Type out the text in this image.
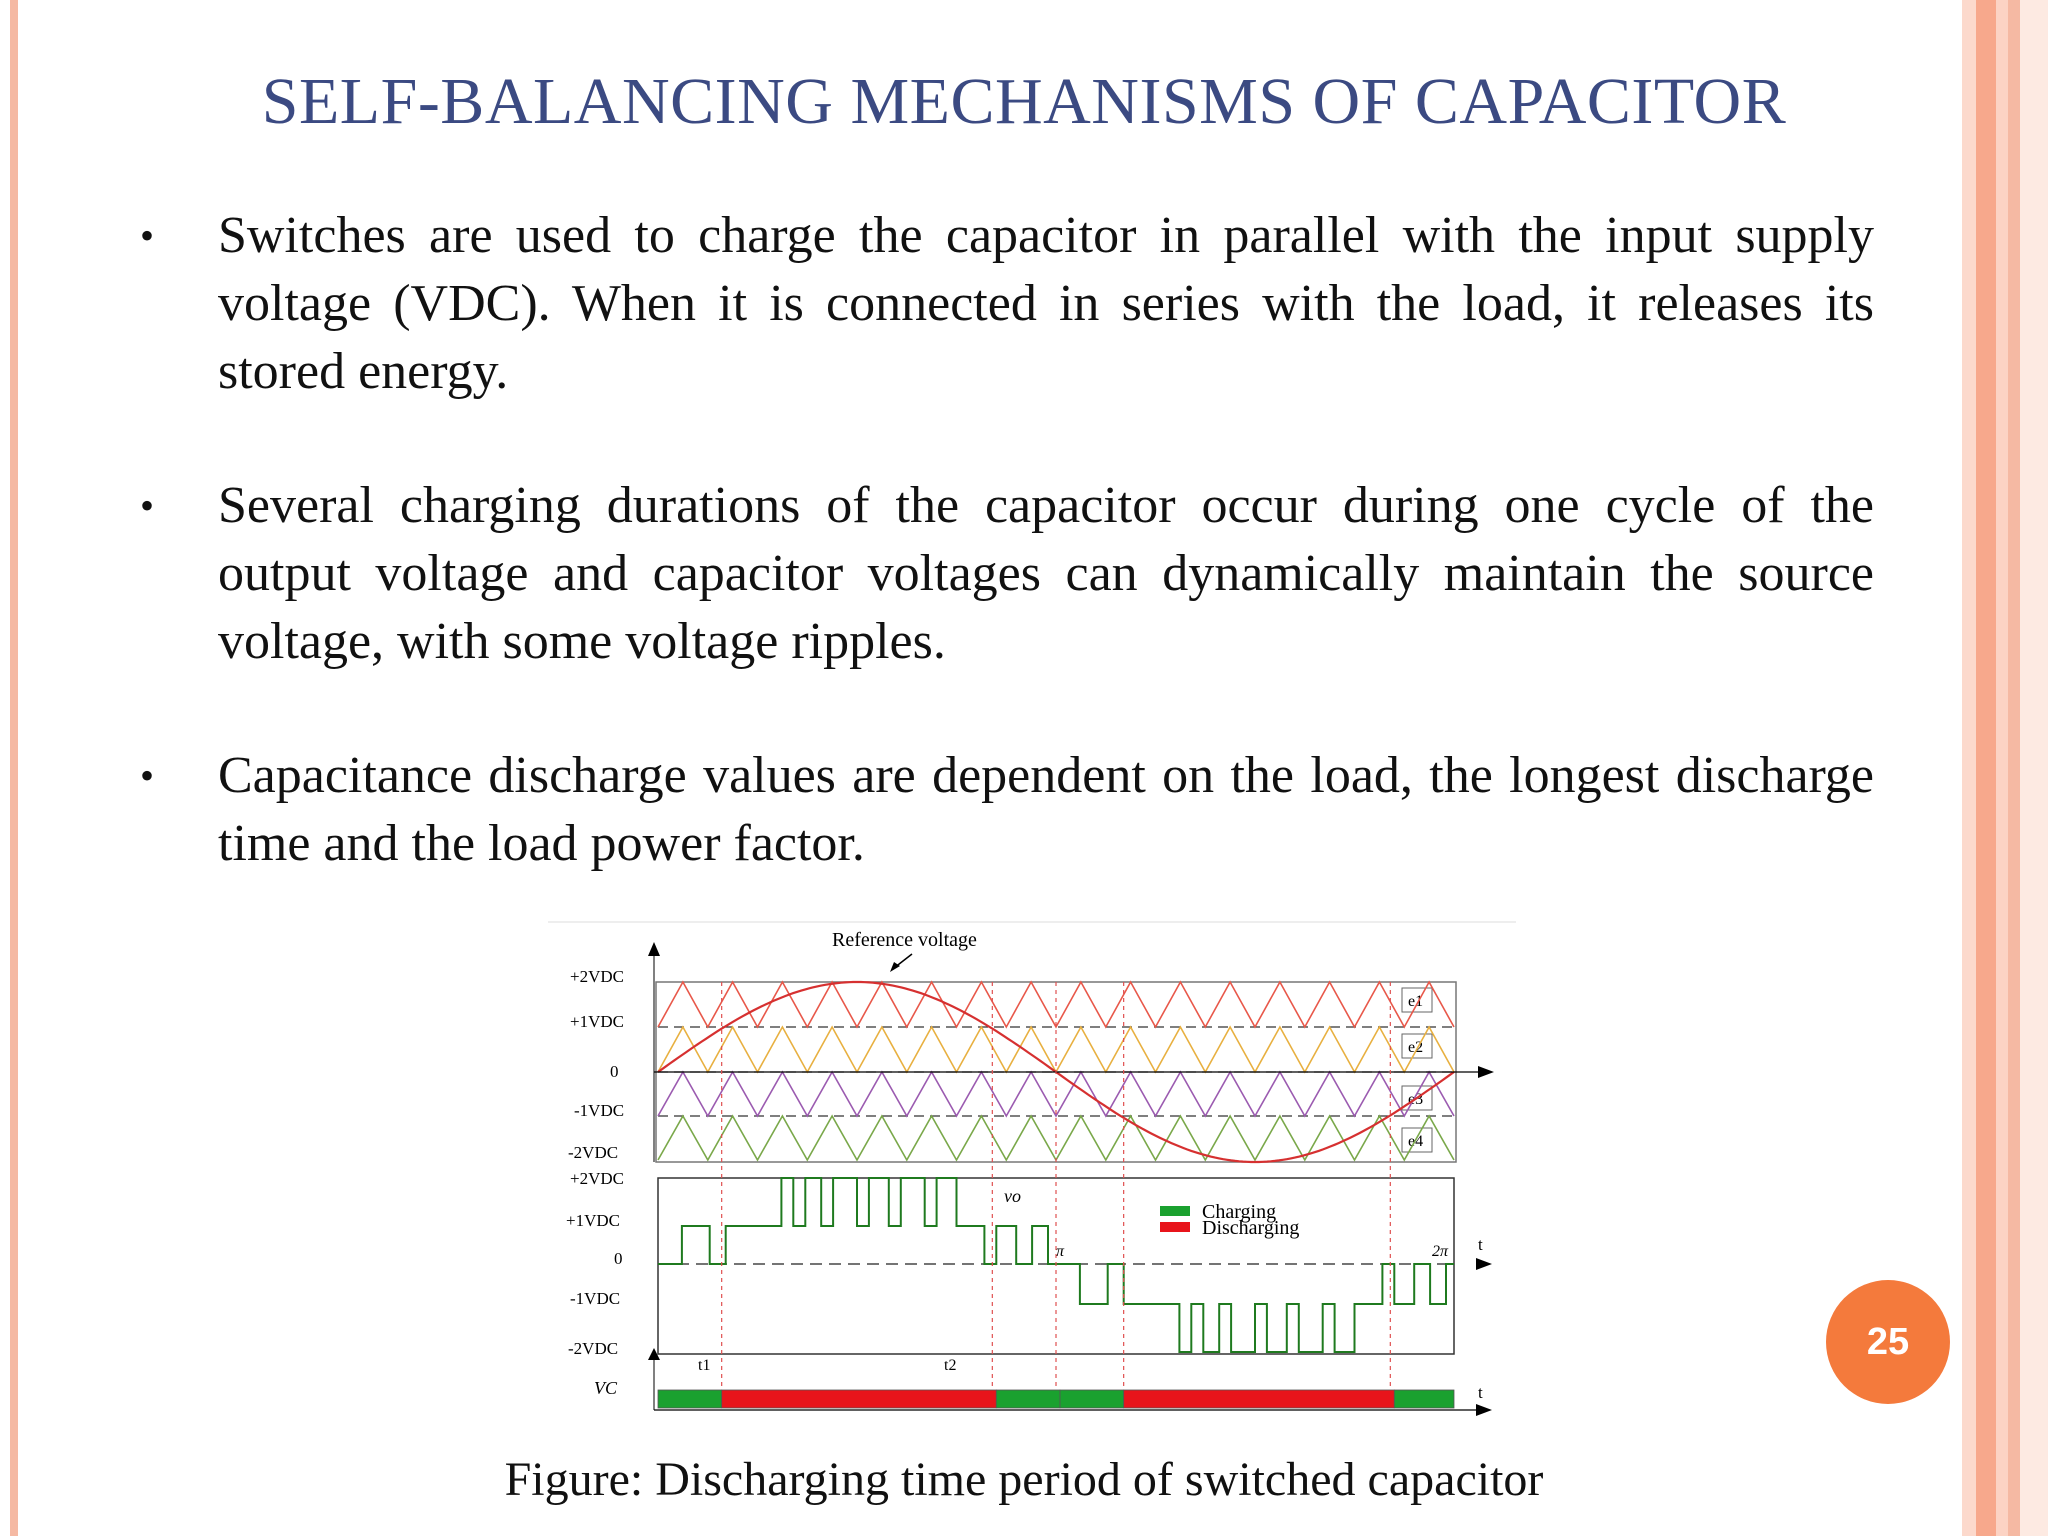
SELF-BALANCING MECHANISMS OF CAPACITOR
• Switches are used to charge the capacitor in parallel with the input supply voltage (VDC). When it is connected in series with the load, it releases its stored energy.
• Several charging durations of the capacitor occur during one cycle of the output voltage and capacitor voltages can dynamically maintain the source voltage, with some voltage ripples.
• Capacitance discharge values are dependent on the load, the longest discharge time and the load power factor.
Reference voltage
+2VDC
+1VDC
0
-1VDC
-2VDC
+2VDC
+1VDC
0
-1VDC
-2VDC
VC
e1
e2
e3
e4
vo
π	2π t
t
t1	t2
Charging
Discharging
Figure: Discharging time period of switched capacitor
25
